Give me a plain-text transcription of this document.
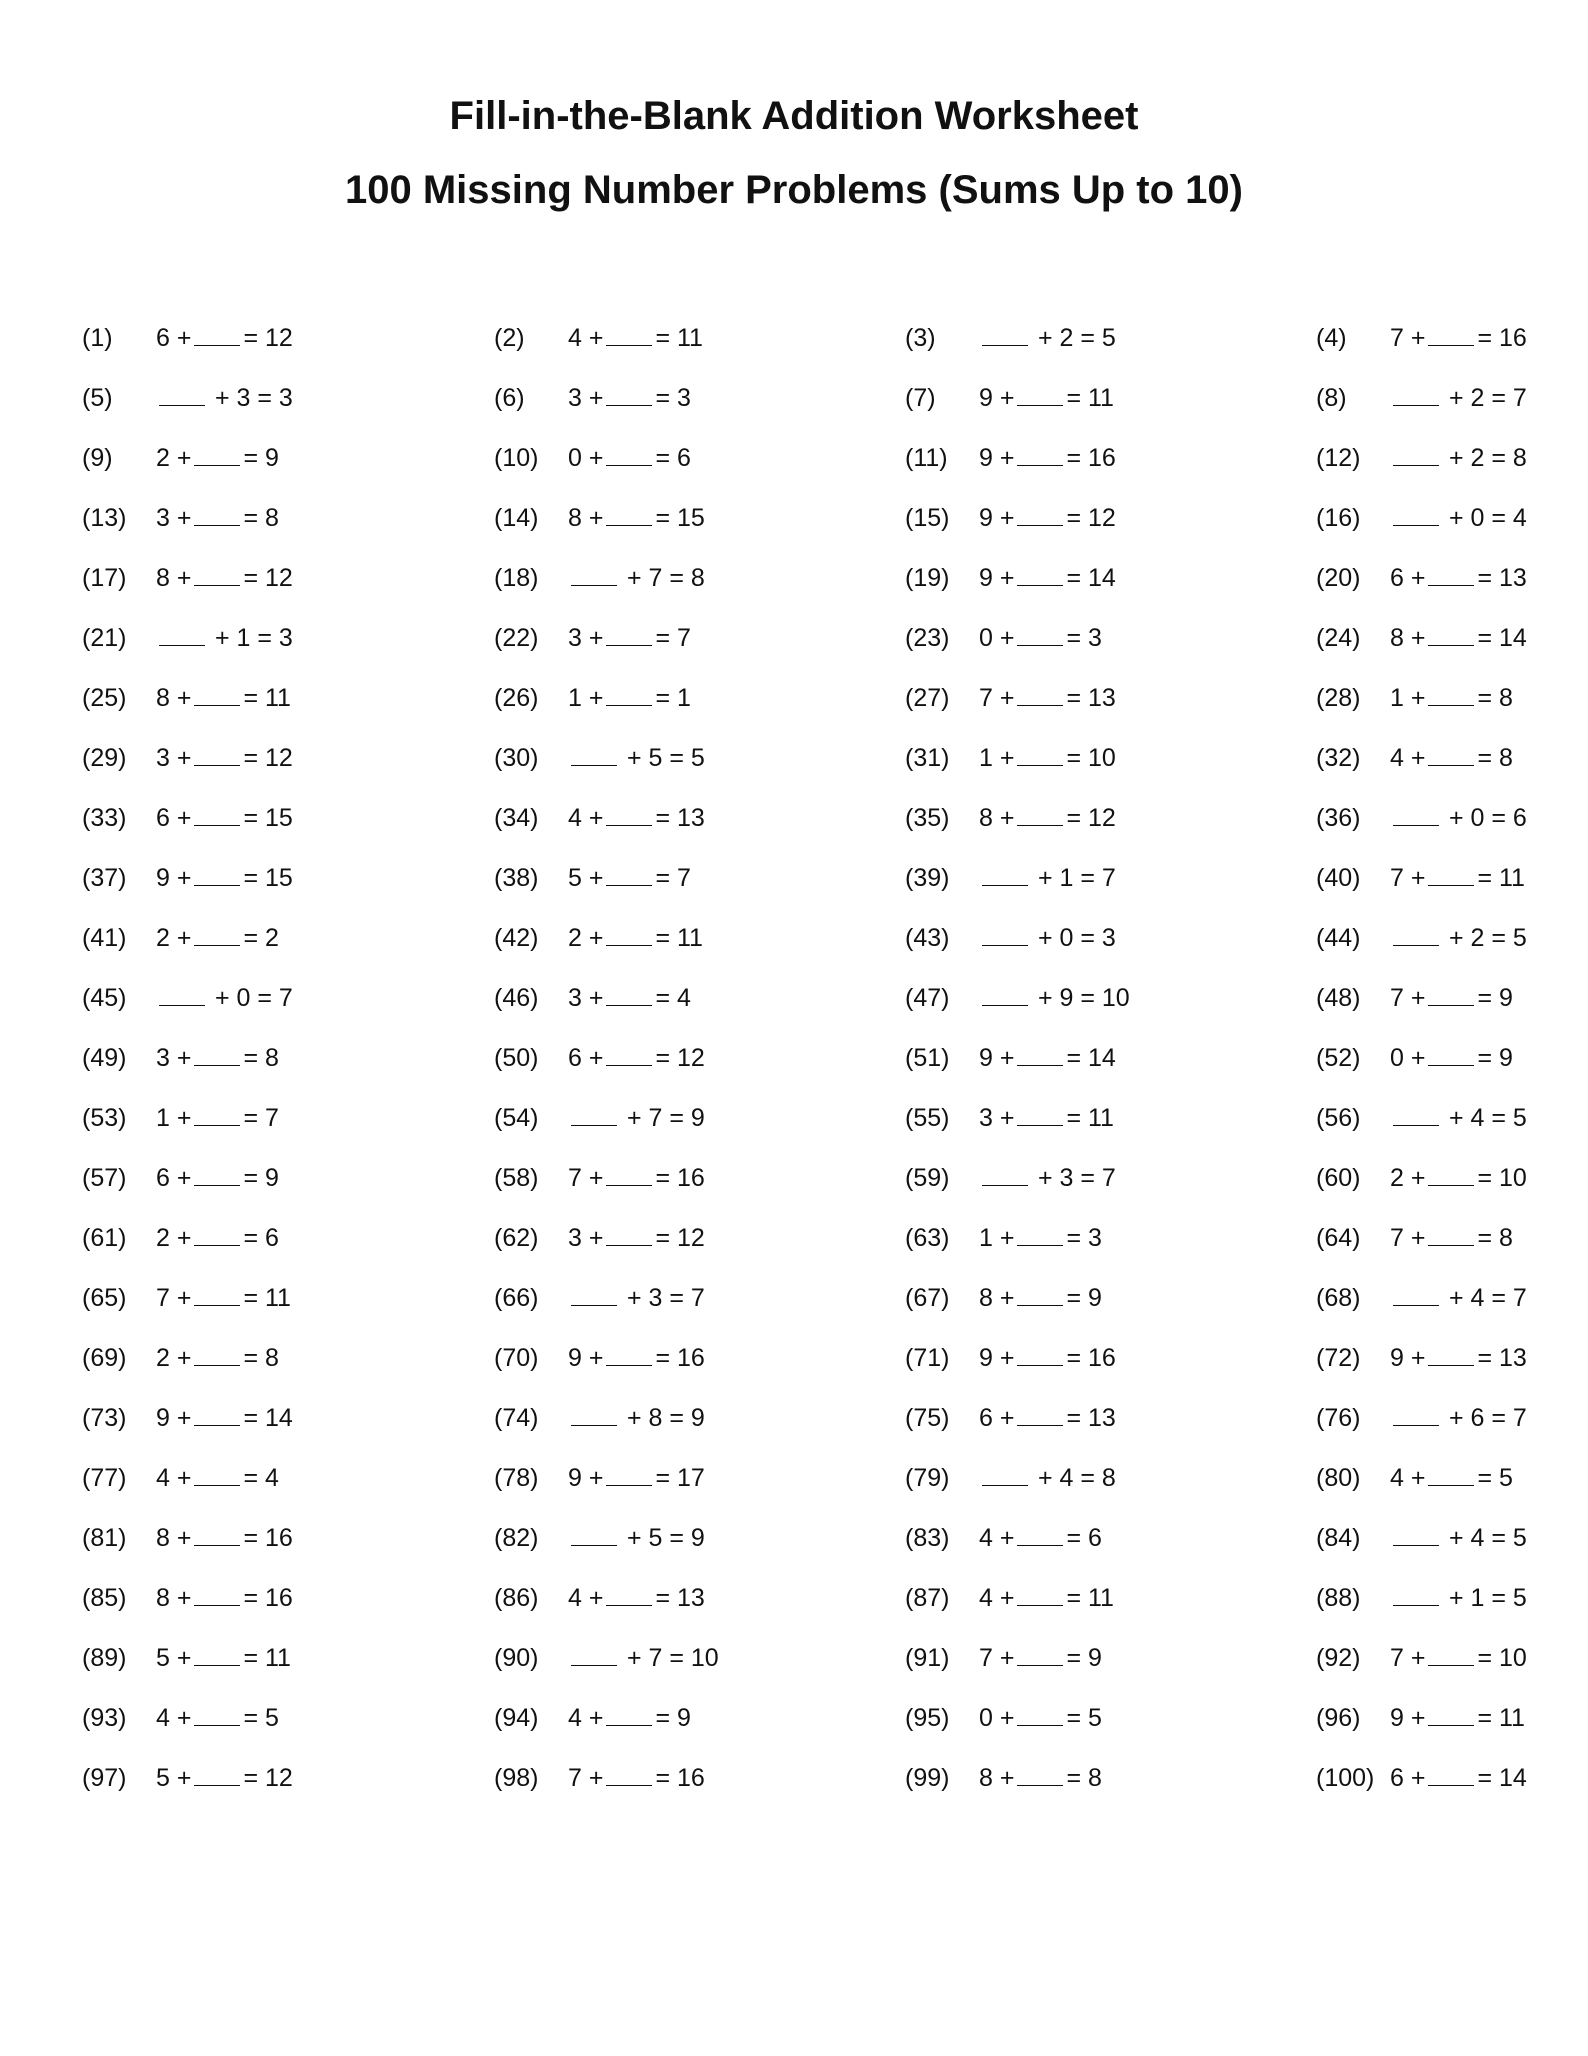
Fill-in-the-Blank Addition Worksheet
100 Missing Number Problems (Sums Up to 10)
(1) 6 + = 12	(2) 4 + = 11	(3)	+ 2 = 5	(4) 7 + = 16
(5)	+ 3 = 3	(6) 3 + = 3	(7) 9 + = 11	(8)	+ 2 = 7
(9) 2 + = 9	(10) 0 + = 6	(11) 9 + = 16	(12)	+ 2 = 8
(13) 3 + = 8	(14) 8 + = 15	(15) 9 + = 12	(16)	+ 0 = 4
(17) 8 + = 12	(18)	+ 7 = 8	(19) 9 + = 14	(20) 6 + = 13
(21)	+ 1 = 3	(22) 3 + = 7	(23) 0 + = 3	(24) 8 + = 14
(25) 8 + = 11	(26) 1 + = 1	(27) 7 + = 13	(28) 1 + = 8
(29) 3 + = 12	(30)	+ 5 = 5	(31) 1 + = 10	(32) 4 + = 8
(33) 6 + = 15	(34) 4 + = 13	(35) 8 + = 12	(36)	+ 0 = 6
(37) 9 + = 15	(38) 5 + = 7	(39)	+ 1 = 7	(40) 7 + = 11
(41) 2 + = 2	(42) 2 + = 11	(43)	+ 0 = 3	(44)	+ 2 = 5
(45)	+ 0 = 7	(46) 3 + = 4	(47)	+ 9 = 10	(48) 7 + = 9
(49) 3 + = 8	(50) 6 + = 12	(51) 9 + = 14	(52) 0 + = 9
(53) 1 + = 7	(54)	+ 7 = 9	(55) 3 + = 11	(56)	+ 4 = 5
(57) 6 + = 9	(58) 7 + = 16	(59)	+ 3 = 7	(60) 2 + = 10
(61) 2 + = 6	(62) 3 + = 12	(63) 1 + = 3	(64) 7 + = 8
(65) 7 + = 11	(66)	+ 3 = 7	(67) 8 + = 9	(68)	+ 4 = 7
(69) 2 + = 8	(70) 9 + = 16	(71) 9 + = 16	(72) 9 + = 13
(73) 9 + = 14	(74)	+ 8 = 9	(75) 6 + = 13	(76)	+ 6 = 7
(77) 4 + = 4	(78) 9 + = 17	(79)	+ 4 = 8	(80) 4 + = 5
(81) 8 + = 16	(82)	+ 5 = 9	(83) 4 + = 6	(84)	+ 4 = 5
(85) 8 + = 16	(86) 4 + = 13	(87) 4 + = 11	(88)	+ 1 = 5
(89) 5 + = 11	(90)	+ 7 = 10	(91) 7 + = 9	(92) 7 + = 10
(93) 4 + = 5	(94) 4 + = 9	(95) 0 + = 5	(96) 9 + = 11
(97) 5 + = 12	(98) 7 + = 16	(99) 8 + = 8	(100) 6 + = 14
